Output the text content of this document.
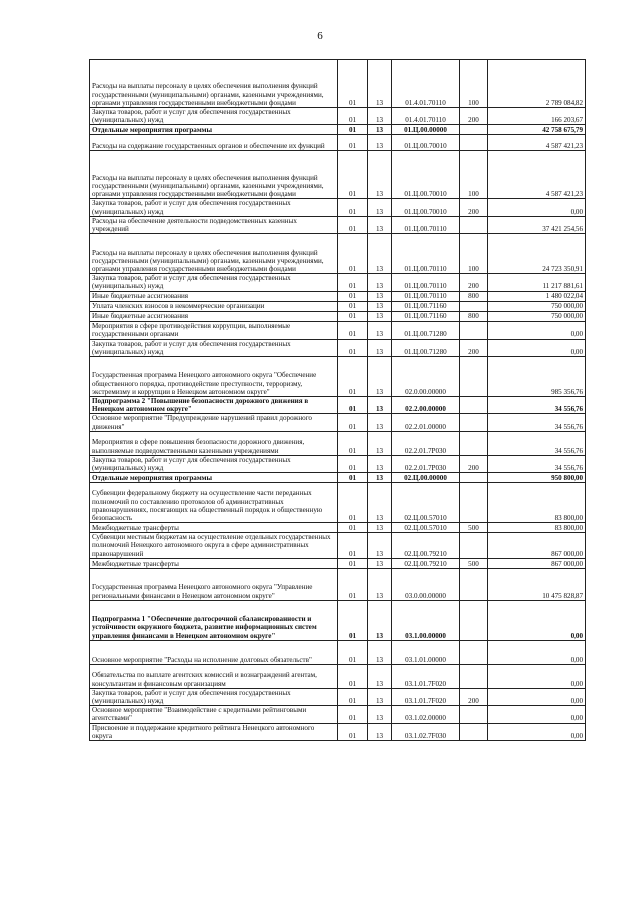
6
Расходы на выплаты персоналу в целях обеспечения выполнения функций государственными (муниципальными) органами, казенными учреждениями, органами управления государственными внебюджетными фондами	01	13	01.4.01.70110	100	2 789 084,82
Закупка товаров, работ и услуг для обеспечения государственных (муниципальных) нужд	01	13	01.4.01.70110	200	166 203,67
Отдельные мероприятия программы	01	13	01.Ц.00.00000		42 758 675,79
Расходы на содержание государственных органов и обеспечение их функций	01	13	01.Ц.00.70010		4 587 421,23
Расходы на выплаты персоналу в целях обеспечения выполнения функций государственными (муниципальными) органами, казенными учреждениями, органами управления государственными внебюджетными фондами	01	13	01.Ц.00.70010	100	4 587 421,23
Закупка товаров, работ и услуг для обеспечения государственных (муниципальных) нужд	01	13	01.Ц.00.70010	200	0,00
Расходы на обеспечение деятельности подведомственных казенных учреждений	01	13	01.Ц.00.70110		37 421 254,56
Расходы на выплаты персоналу в целях обеспечения выполнения функций государственными (муниципальными) органами, казенными учреждениями, органами управления государственными внебюджетными фондами	01	13	01.Ц.00.70110	100	24 723 350,91
Закупка товаров, работ и услуг для обеспечения государственных (муниципальных) нужд	01	13	01.Ц.00.70110	200	11 217 881,61
Иные бюджетные ассигнования	01	13	01.Ц.00.70110	800	1 480 022,04
Уплата членских взносов в некоммерческие организации	01	13	01.Ц.00.71160		750 000,00
Иные бюджетные ассигнования	01	13	01.Ц.00.71160	800	750 000,00
Мероприятия в сфере противодействия коррупции, выполняемые государственными органами	01	13	01.Ц.00.71280		0,00
Закупка товаров, работ и услуг для обеспечения государственных (муниципальных) нужд	01	13	01.Ц.00.71280	200	0,00
Государственная программа Ненецкого автономного округа "Обеспечение общественного порядка, противодействие преступности, терроризму, экстремизму и коррупции в Ненецком автономном округе"	01	13	02.0.00.00000		985 356,76
Подпрограмма 2 "Повышение безопасности дорожного движения в Ненецком автономном округе"	01	13	02.2.00.00000		34 556,76
Основное мероприятие "Предупреждение нарушений правил дорожного движения"	01	13	02.2.01.00000		34 556,76
Мероприятия в сфере повышения безопасности дорожного движения, выполняемые подведомственными казенными учреждениями	01	13	02.2.01.7Р030		34 556,76
Закупка товаров, работ и услуг для обеспечения государственных (муниципальных) нужд	01	13	02.2.01.7Р030	200	34 556,76
Отдельные мероприятия программы	01	13	02.Ц.00.00000		950 800,00
Субвенции федеральному бюджету на осуществление части переданных полномочий по составлению протоколов об административных правонарушениях, посягающих на общественный порядок и общественную безопасность	01	13	02.Ц.00.57010		83 800,00
Межбюджетные трансферты	01	13	02.Ц.00.57010	500	83 800,00
Субвенции местным бюджетам на осуществление отдельных государственных полномочий Ненецкого автономного округа в сфере административных правонарушений	01	13	02.Ц.00.79210		867 000,00
Межбюджетные трансферты	01	13	02.Ц.00.79210	500	867 000,00
Государственная программа Ненецкого автономного округа "Управление региональными финансами в Ненецком автономном округе"	01	13	03.0.00.00000		10 475 828,87
Подпрограмма 1 "Обеспечение долгосрочной сбалансированности и устойчивости окружного бюджета, развитие информационных систем управления финансами в Ненецком автономном округе"	01	13	03.1.00.00000		0,00
Основное мероприятие "Расходы на исполнение долговых обязательств"	01	13	03.1.01.00000		0,00
Обязательства по выплате агентских комиссий и вознаграждений агентам, консультантам и финансовым организациям	01	13	03.1.01.7F020		0,00
Закупка товаров, работ и услуг для обеспечения государственных (муниципальных) нужд	01	13	03.1.01.7F020	200	0,00
Основное мероприятие "Взаимодействие с кредитными рейтинговыми агентствами"	01	13	03.1.02.00000		0,00
Присвоение и поддержание кредитного рейтинга Ненецкого автономного округа	01	13	03.1.02.7F030		0,00
